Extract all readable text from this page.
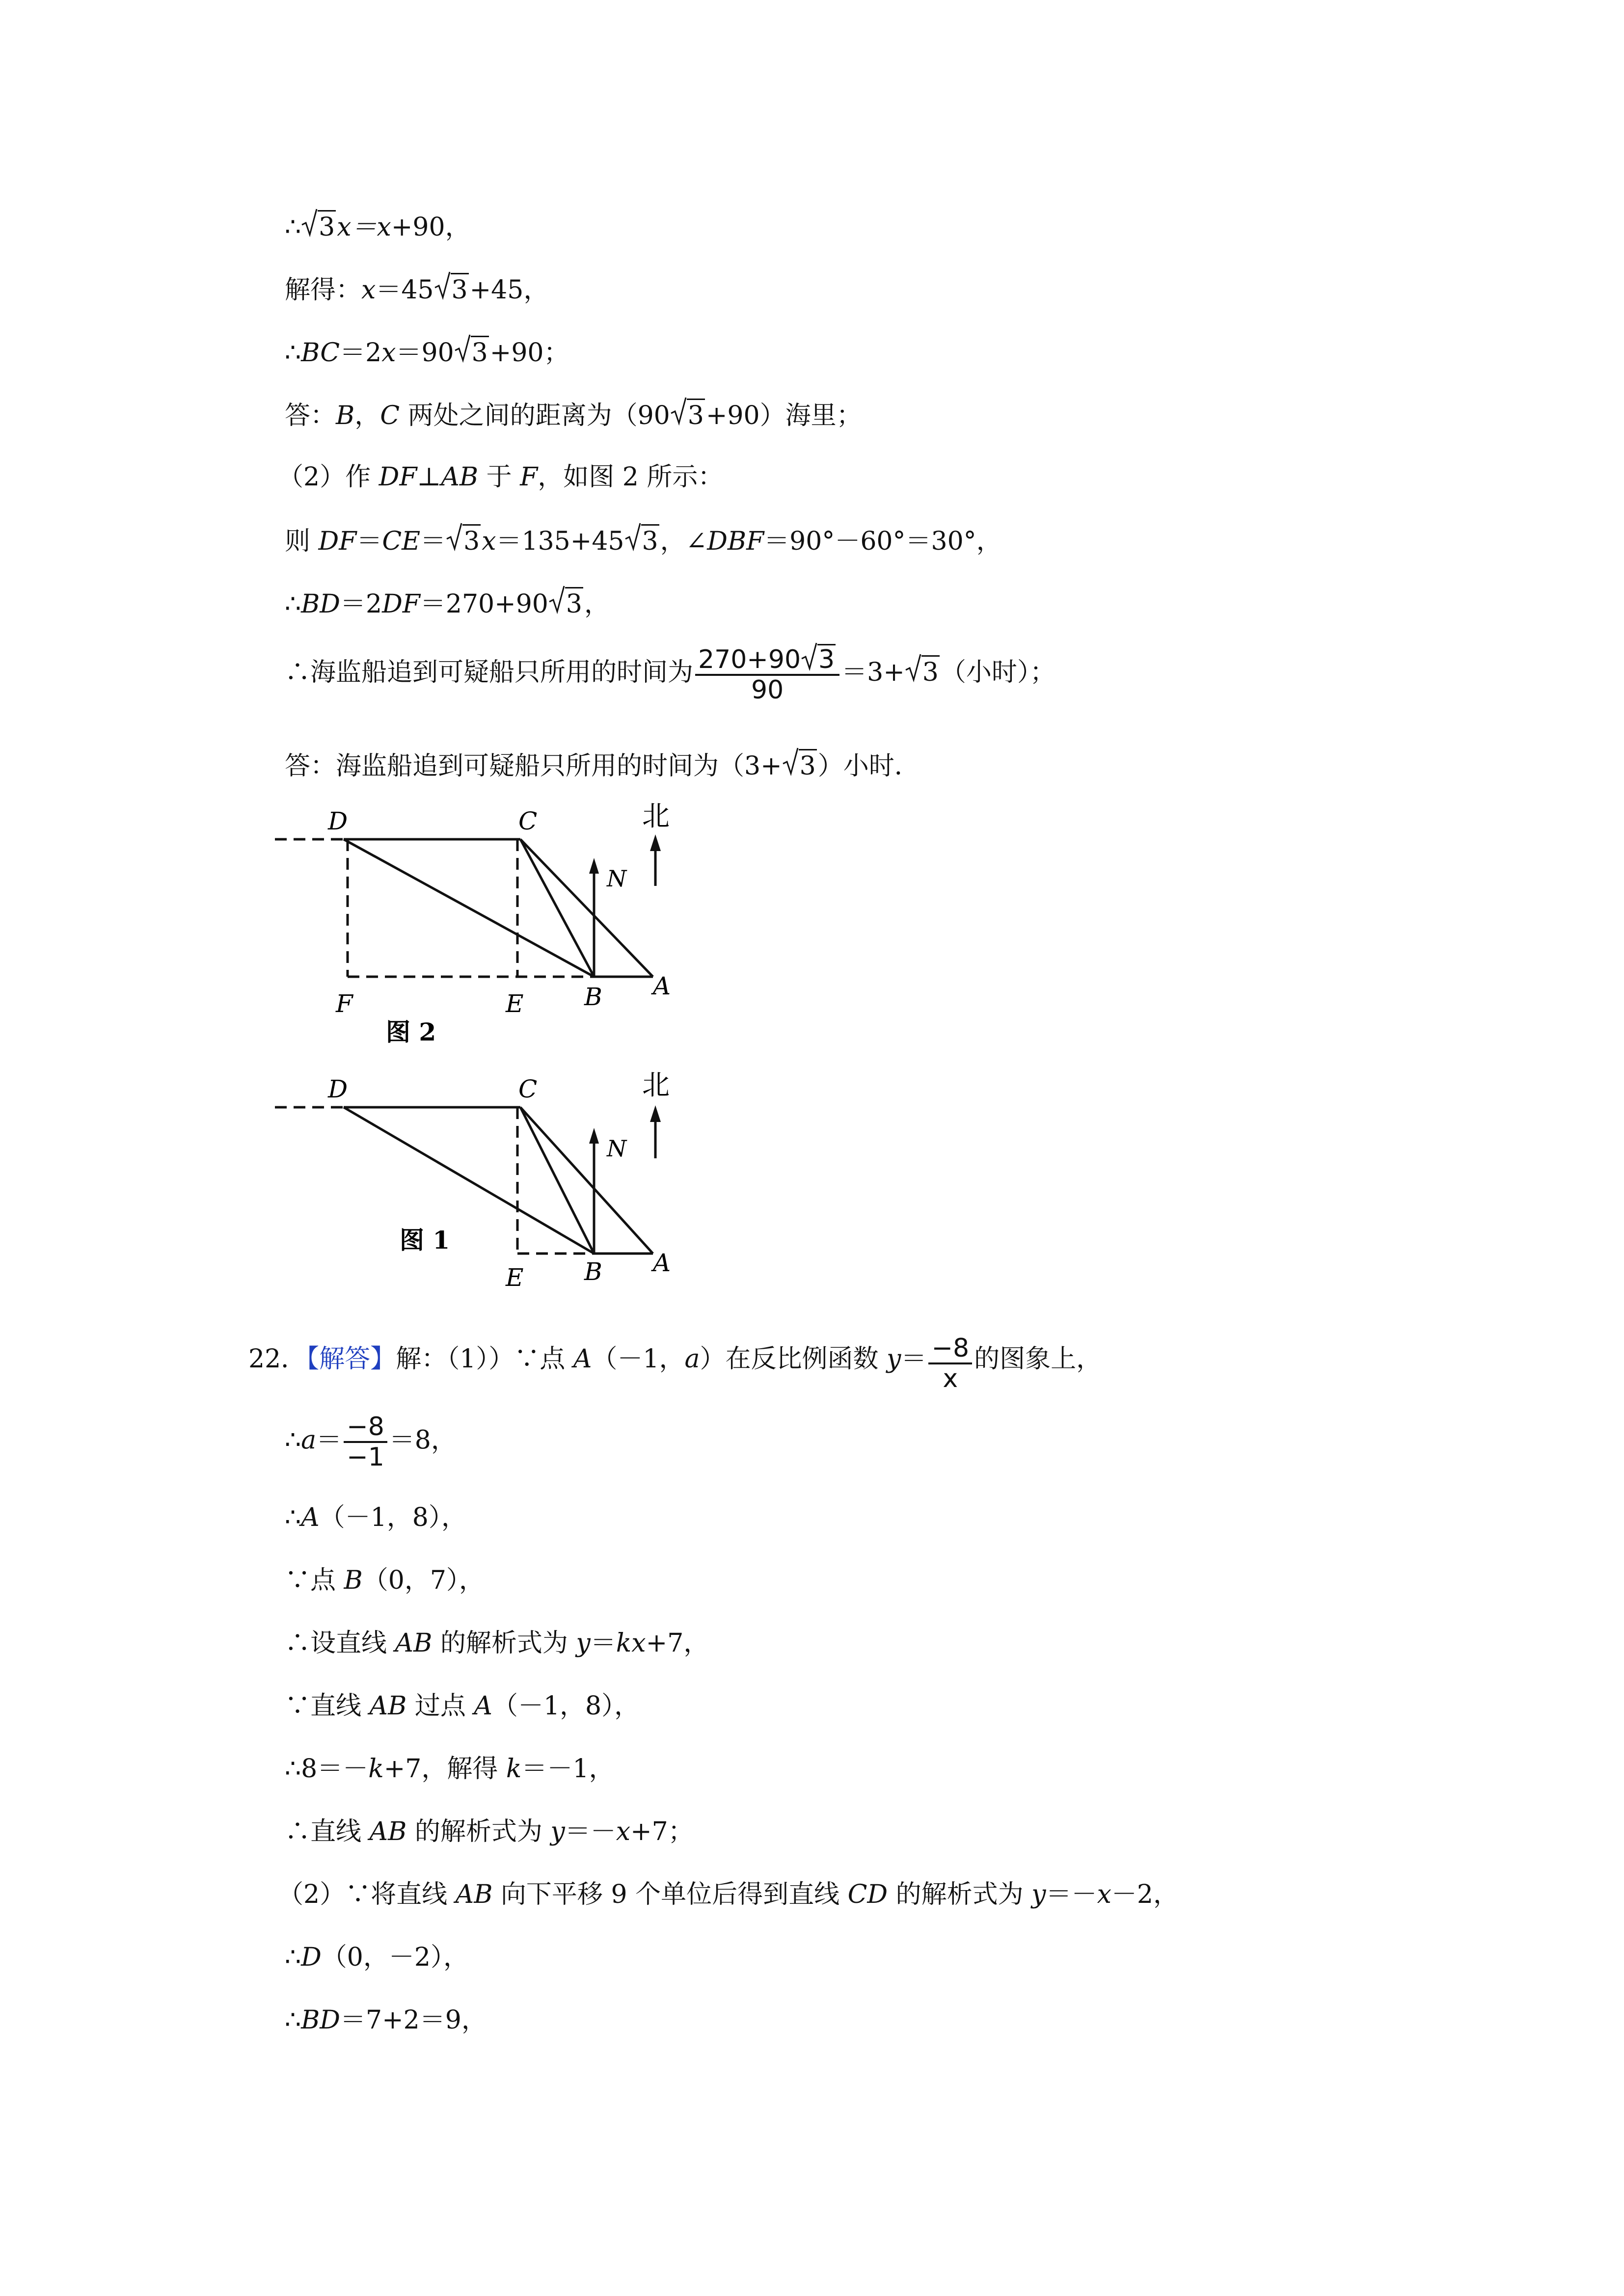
∴ 3x＝x+90，
解得：x＝45 3+45，
∴BC＝2x＝90 3+90；
答：B，C 两处之间的距离为（90 3+90）海里；
（2）作 DF⊥AB 于 F，如图 2 所示：
则 DF＝CE＝ 3x＝135+45 3，∠DBF＝90°－60°＝30°，
∴BD＝2DF＝270+90 3，
∴海监船追到可疑船只所用的时间为 $\frac{270+90 3}{90} =3+ 3$（小时）；
答：海监船追到可疑船只所用的时间为（3+ 3）小时．
D	C
N
北
F	E B A
图 2
D	C
N
北
E B A
图 1
22．【解答】解：（1））∵点 A（－1，a）在反比例函数 $y= \frac{-8}{x}$ 的图象上，
∴a＝ $\frac{-8}{-1} =8$，
∴A（－1，8），
∵点 B（0，7），
∴设直线 AB 的解析式为 y＝kx+7，
∵直线 AB 过点 A（－1，8），
∴8＝－k+7，解得 k＝－1，
∴直线 AB 的解析式为 y＝－x+7；
（2）∵将直线 AB 向下平移 9 个单位后得到直线 CD 的解析式为 y＝－x－2，
∴D（0，－2），
∴BD＝7+2＝9，
